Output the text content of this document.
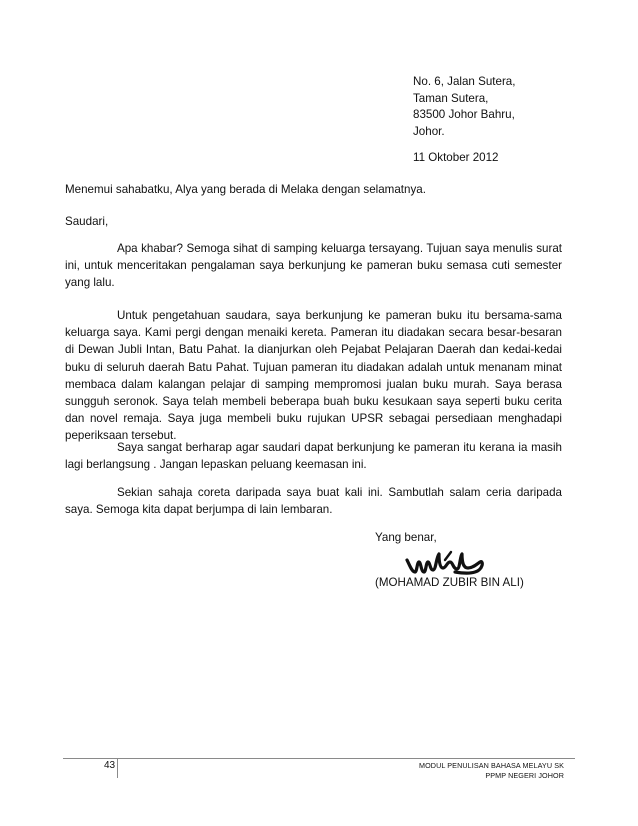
No. 6, Jalan Sutera,
Taman Sutera,
83500 Johor Bahru,
Johor.
11 Oktober 2012
Menemui sahabatku, Alya yang berada di Melaka dengan selamatnya.
Saudari,

Apa khabar? Semoga sihat di samping keluarga tersayang. Tujuan saya menulis surat ini, untuk menceritakan pengalaman saya berkunjung ke pameran buku semasa cuti semester yang lalu.

Untuk pengetahuan saudara, saya berkunjung ke pameran buku itu bersama-sama keluarga saya. Kami pergi dengan menaiki kereta. Pameran itu diadakan secara besar-besaran di Dewan Jubli Intan, Batu Pahat. Ia dianjurkan oleh Pejabat Pelajaran Daerah dan kedai-kedai buku di seluruh daerah Batu Pahat. Tujuan pameran itu diadakan adalah untuk menanam minat membaca dalam kalangan pelajar di samping mempromosi jualan buku murah. Saya berasa sungguh seronok. Saya telah membeli beberapa buah buku kesukaan saya seperti buku cerita dan novel remaja. Saya juga membeli buku rujukan UPSR sebagai persediaan menghadapi peperiksaan tersebut.

Saya sangat berharap agar saudari dapat berkunjung ke pameran itu kerana ia masih lagi berlangsung . Jangan lepaskan peluang keemasan ini.

Sekian sahaja coreta daripada saya buat kali ini. Sambutlah salam ceria daripada saya. Semoga kita dapat berjumpa di lain lembaran.

Yang benar,
(MOHAMAD ZUBIR BIN ALI)
43	MODUL PENULISAN BAHASA MELAYU SK
PPMP NEGERI JOHOR
